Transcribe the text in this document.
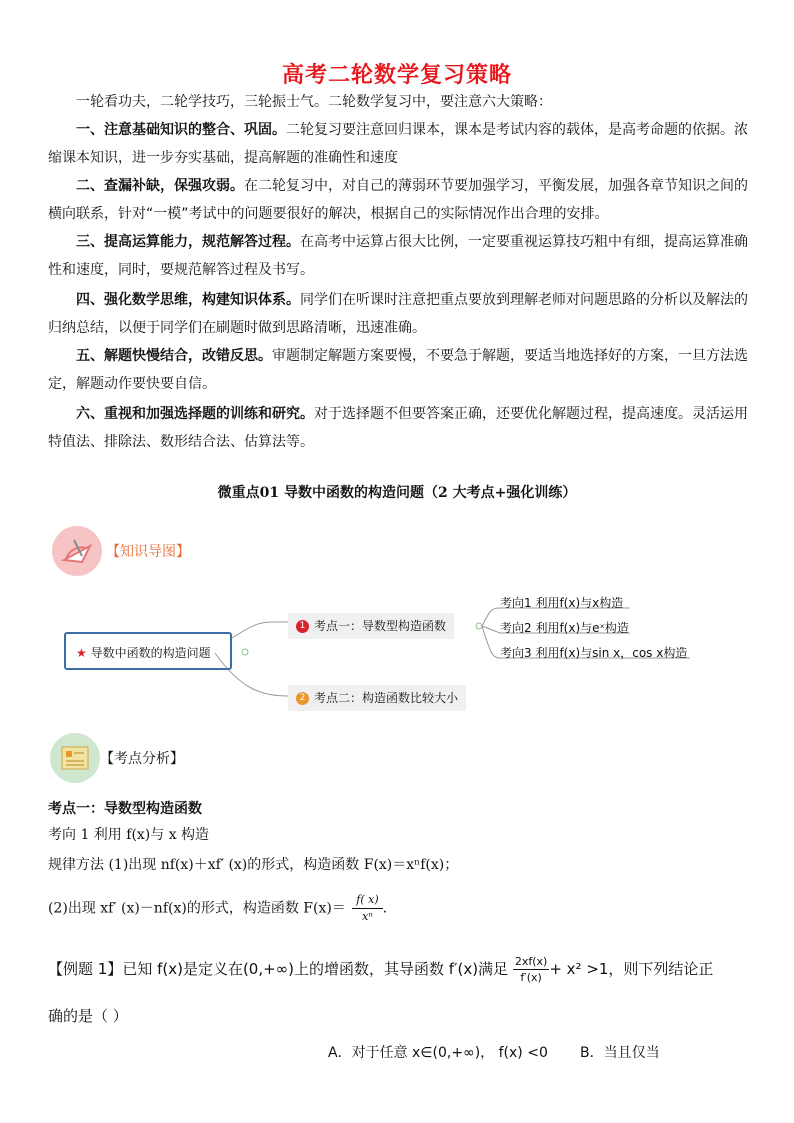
高考二轮数学复习策略
一轮看功夫，二轮学技巧，三轮振士气。二轮数学复习中，要注意六大策略：
一、注意基础知识的整合、巩固。二轮复习要注意回归课本，课本是考试内容的载体，是高考命题的依据。浓缩课本知识，进一步夯实基础，提高解题的准确性和速度
二、查漏补缺，保强攻弱。在二轮复习中，对自己的薄弱环节要加强学习，平衡发展，加强各章节知识之间的横向联系，针对“一模”考试中的问题要很好的解决，根据自己的实际情况作出合理的安排。
三、提高运算能力，规范解答过程。在高考中运算占很大比例，一定要重视运算技巧粗中有细，提高运算准确性和速度，同时，要规范解答过程及书写。
四、强化数学思维，构建知识体系。同学们在听课时注意把重点要放到理解老师对问题思路的分析以及解法的归纳总结，以便于同学们在刷题时做到思路清晰，迅速准确。
五、解题快慢结合，改错反思。审题制定解题方案要慢，不要急于解题，要适当地选择好的方案，一旦方法选定，解题动作要快要自信。
六、重视和加强选择题的训练和研究。对于选择题不但要答案正确，还要优化解题过程，提高速度。灵活运用特值法、排除法、数形结合法、估算法等。
微重点01 导数中函数的构造问题（2 大考点+强化训练）
【知识导图】
★ 导数中函数的构造问题
1 考点一：导数型构造函数
2 考点二：构造函数比较大小
考向1 利用f(x)与x构造
考向2 利用f(x)与eˣ构造
考向3 利用f(x)与sin x，cos x构造
【考点分析】
考点一：导数型构造函数
考向 1 利用 f(x)与 x 构造
规律方法 (1)出现 nf(x)＋xf′ (x)的形式，构造函数 F(x)＝xⁿf(x)；
(2)出现 xf′ (x)－nf(x)的形式，构造函数 $F(x)= \frac{f( x)}{\text{xⁿ}}$ .
【例题 1】已知 f(x)是定义在(0,+∞)上的增函数，其导函数 f′(x)满足 $\frac{2xf(x)}{f'(x)} + x^2 >1$，则下列结论正
确的是（ ）
A．对于任意 x∈(0,+∞)， f(x) <0 B．当且仅当
